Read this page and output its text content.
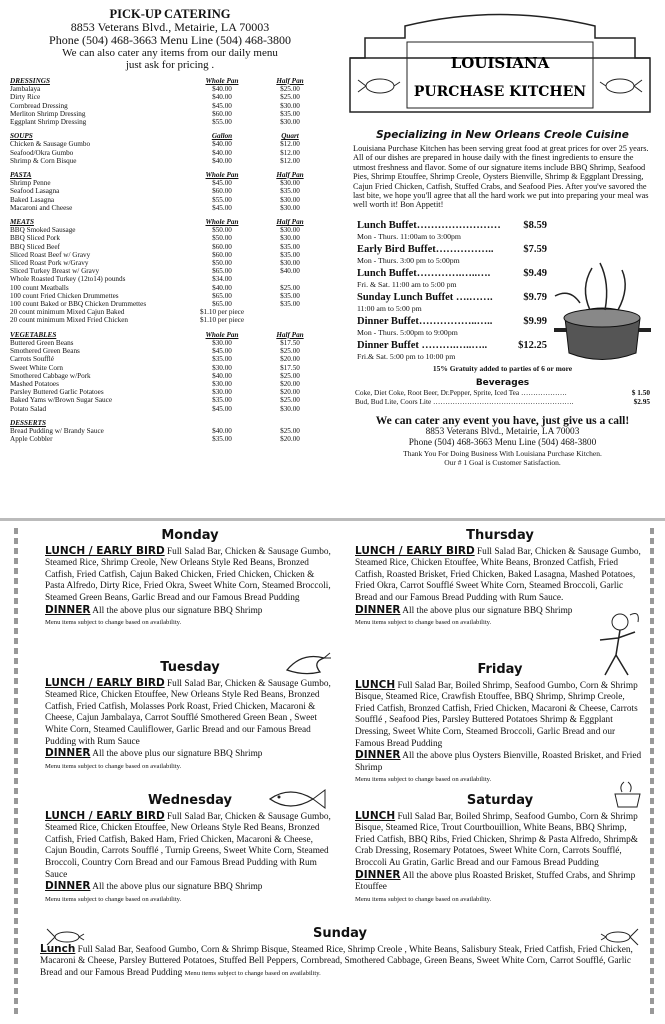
PICK-UP CATERING
8853 Veterans Blvd., Metairie, LA 70003
Phone (504) 468-3663 Menu Line (504) 468-3800
We can also cater any items from our daily menu
just ask for pricing .
DRESSINGS	Whole Pan	Half Pan
Jambalaya	$40.00	$25.00
Dirty Rice	$40.00	$25.00
Cornbread Dressing	$45.00	$30.00
Merliton Shrimp Dressing	$60.00	$35.00
Eggplant Shrimp Dressing	$55.00	$30.00
SOUPS	Gallon	Quart
Chicken & Sausage Gumbo	$40.00	$12.00
Seafood/Okra Gumbo	$40.00	$12.00
Shrimp & Corn Bisque	$40.00	$12.00
PASTA	Whole Pan	Half Pan
Shrimp Penne	$45.00	$30.00
Seafood Lasagna	$60.00	$35.00
Baked Lasagna	$55.00	$30.00
Macaroni and Cheese	$45.00	$30.00
MEATS	Whole Pan	Half Pan
BBQ Smoked Sausage	$50.00	$30.00
BBQ Sliced Pork	$50.00	$30.00
BBQ Sliced Beef	$60.00	$35.00
Sliced Roast Beef w/ Gravy	$60.00	$35.00
Sliced Roast Pork w/Gravy	$50.00	$30.00
Sliced Turkey Breast w/ Gravy	$65.00	$40.00
Whole Roasted Turkey (12to14) pounds	$34.00
100 count Meatballs	$40.00	$25.00
100 count Fried Chicken Drummettes	$65.00	$35.00
100 count Baked or BBQ Chicken Drummettes	$65.00	$35.00
20 count minimum Mixed Cajun Baked	$1.10 per piece
20 count minimum Mixed Fried Chicken	$1.10 per piece
VEGETABLES	Whole Pan	Half Pan
Buttered Green Beans	$30.00	$17.50
Smothered Green Beans	$45.00	$25.00
Carrots Soufflé	$35.00	$20.00
Sweet White Corn	$30.00	$17.50
Smothered Cabbage w/Pork	$40.00	$25.00
Mashed Potatoes	$30.00	$20.00
Parsley Buttered Garlic Potatoes	$30.00	$20.00
Baked Yams w/Brown Sugar Sauce	$35.00	$25.00
Potato Salad	$45.00	$30.00
DESSERTS
Bread Pudding w/ Brandy Sauce	$40.00	$25.00
Apple Cobbler	$35.00	$20.00
LOUISIANA
PURCHASE KITCHEN
Specializing in New Orleans Creole Cuisine
Louisiana Purchase Kitchen has been serving great food at great prices for over 25 years. All of our dishes are prepared in house daily with the finest ingredients to ensure the utmost freshness and flavor. Some of our signature items include BBQ Shrimp, Seafood Pies, Shrimp Etouffee, Shrimp Creole, Oysters Bienville, Shrimp & Eggplant Dressing, Cajun Fried Chicken, Catfish, Stuffed Crabs, and Seafood Pies. After you've savored the last bite, we hope you'll agree that all the hard work we put into preparing your meal was well worth it! Bon Appetit!
Lunch Buffet…………………… $8.59
Mon - Thurs. 11:00am to 3:00pm
Early Bird Buffet……………..	$7.59
Mon - Thurs. 3:00 pm to 5:00pm
Lunch Buffet………….…..….	$9.49
Fri. & Sat. 11:00 am to 5:00 pm
Sunday Lunch Buffet ….…….	$9.79
11:00 am to 5:00 pm
Dinner Buffet……………..…..	$9.99
Mon - Thurs. 5:00pm to 9:00pm
Dinner Buffet ……….…..…..	$12.25
Fri.& Sat. 5:00 pm to 10:00 pm
15% Gratuity added to parties of 6 or more
Beverages
Coke, Diet Coke, Root Beer, Dr.Pepper, Sprite, Iced Tea ……………….	$ 1.50
Bud, Bud Lite, Coors Lite ………………………………………………….	$2.95
We can cater any event you have, just give us a call!
8853 Veterans Blvd., Metairie, LA 70003
Phone (504) 468-3663 Menu Line (504) 468-3800
Thank You For Doing Business With Louisiana Purchase Kitchen.
Our # 1 Goal is Customer Satisfaction.
Monday
LUNCH / EARLY BIRD Full Salad Bar, Chicken & Sausage Gumbo, Steamed Rice, Shrimp Creole, New Orleans Style Red Beans, Bronzed Catfish, Fried Catfish, Cajun Baked Chicken, Fried Chicken, Chicken & Pasta Alfredo, Dirty Rice, Fried Okra, Sweet White Corn, Steamed Broccoli, Steamed Green Beans, Garlic Bread and our Famous Bread Pudding
DINNER All the above plus our signature BBQ Shrimp
Menu items subject to change based on availability.
Tuesday
LUNCH / EARLY BIRD Full Salad Bar, Chicken & Sausage Gumbo, Steamed Rice, Chicken Etouffee, New Orleans Style Red Beans, Bronzed Catfish, Fried Catfish, Molasses Pork Roast, Fried Chicken, Macaroni & Cheese, Cajun Jambalaya, Carrot Soufflé Smothered Green Bean , Sweet White Corn, Steamed Cauliflower, Garlic Bread and our Famous Bread Pudding with Rum Sauce
DINNER All the above plus our signature BBQ Shrimp
Menu items subject to change based on availability.
Wednesday
LUNCH / EARLY BIRD Full Salad Bar, Chicken & Sausage Gumbo, Steamed Rice, Chicken Etouffee, New Orleans Style Red Beans, Bronzed Catfish, Fried Catfish, Baked Ham, Fried Chicken, Macaroni & Cheese, Cajun Boudin, Carrots Soufflé , Turnip Greens, Sweet White Corn, Steamed Broccoli, Country Corn Bread and our Famous Bread Pudding with Rum Sauce
DINNER All the above plus our signature BBQ Shrimp
Menu items subject to change based on availability.
Thursday
LUNCH / EARLY BIRD Full Salad Bar, Chicken & Sausage Gumbo, Steamed Rice, Chicken Etouffee, White Beans, Bronzed Catfish, Fried Catfish, Roasted Brisket, Fried Chicken, Baked Lasagna, Mashed Potatoes, Fried Okra, Carrot Soufflé Sweet White Corn, Steamed Broccoli, Garlic Bread and our Famous Bread Pudding with Rum Sauce.
DINNER All the above plus our signature BBQ Shrimp
Menu items subject to change based on availability.
Friday
LUNCH Full Salad Bar, Boiled Shrimp, Seafood Gumbo, Corn & Shrimp Bisque, Steamed Rice, Crawfish Etouffee, BBQ Shrimp, Shrimp Creole, Fried Catfish, Bronzed Catfish, Fried Chicken, Macaroni & Cheese, Carrots Soufflé , Seafood Pies, Parsley Buttered Potatoes Shrimp & Eggplant Dressing, Sweet White Corn, Steamed Broccoli, Garlic Bread and our Famous Bread Pudding
DINNER All the above plus Oysters Bienville, Roasted Brisket, and Fried Shrimp
Menu items subject to change based on availability.
Saturday
LUNCH Full Salad Bar, Boiled Shrimp, Seafood Gumbo, Corn & Shrimp Bisque, Steamed Rice, Trout Courtbouillion, White Beans, BBQ Shrimp, Fried Catfish, BBQ Ribs, Fried Chicken, Shrimp & Pasta Alfredo, Shrimp& Crab Dressing, Rosemary Potatoes, Sweet White Corn, Carrots Soufflé, Broccoli Au Gratin, Garlic Bread and our Famous Bread Pudding
DINNER All the above plus Roasted Brisket, Stuffed Crabs, and Shrimp Etouffee
Menu items subject to change based on availability.
Sunday
Lunch Full Salad Bar, Seafood Gumbo, Corn & Shrimp Bisque, Steamed Rice, Shrimp Creole , White Beans, Salisbury Steak, Fried Catfish, Fried Chicken, Macaroni & Cheese, Parsley Buttered Potatoes, Stuffed Bell Peppers, Cornbread, Smothered Cabbage, Green Beans, Sweet White Corn, Carrot Soufflé, Garlic Bread and our Famous Bread Pudding Menu items subject to change based on availability.
